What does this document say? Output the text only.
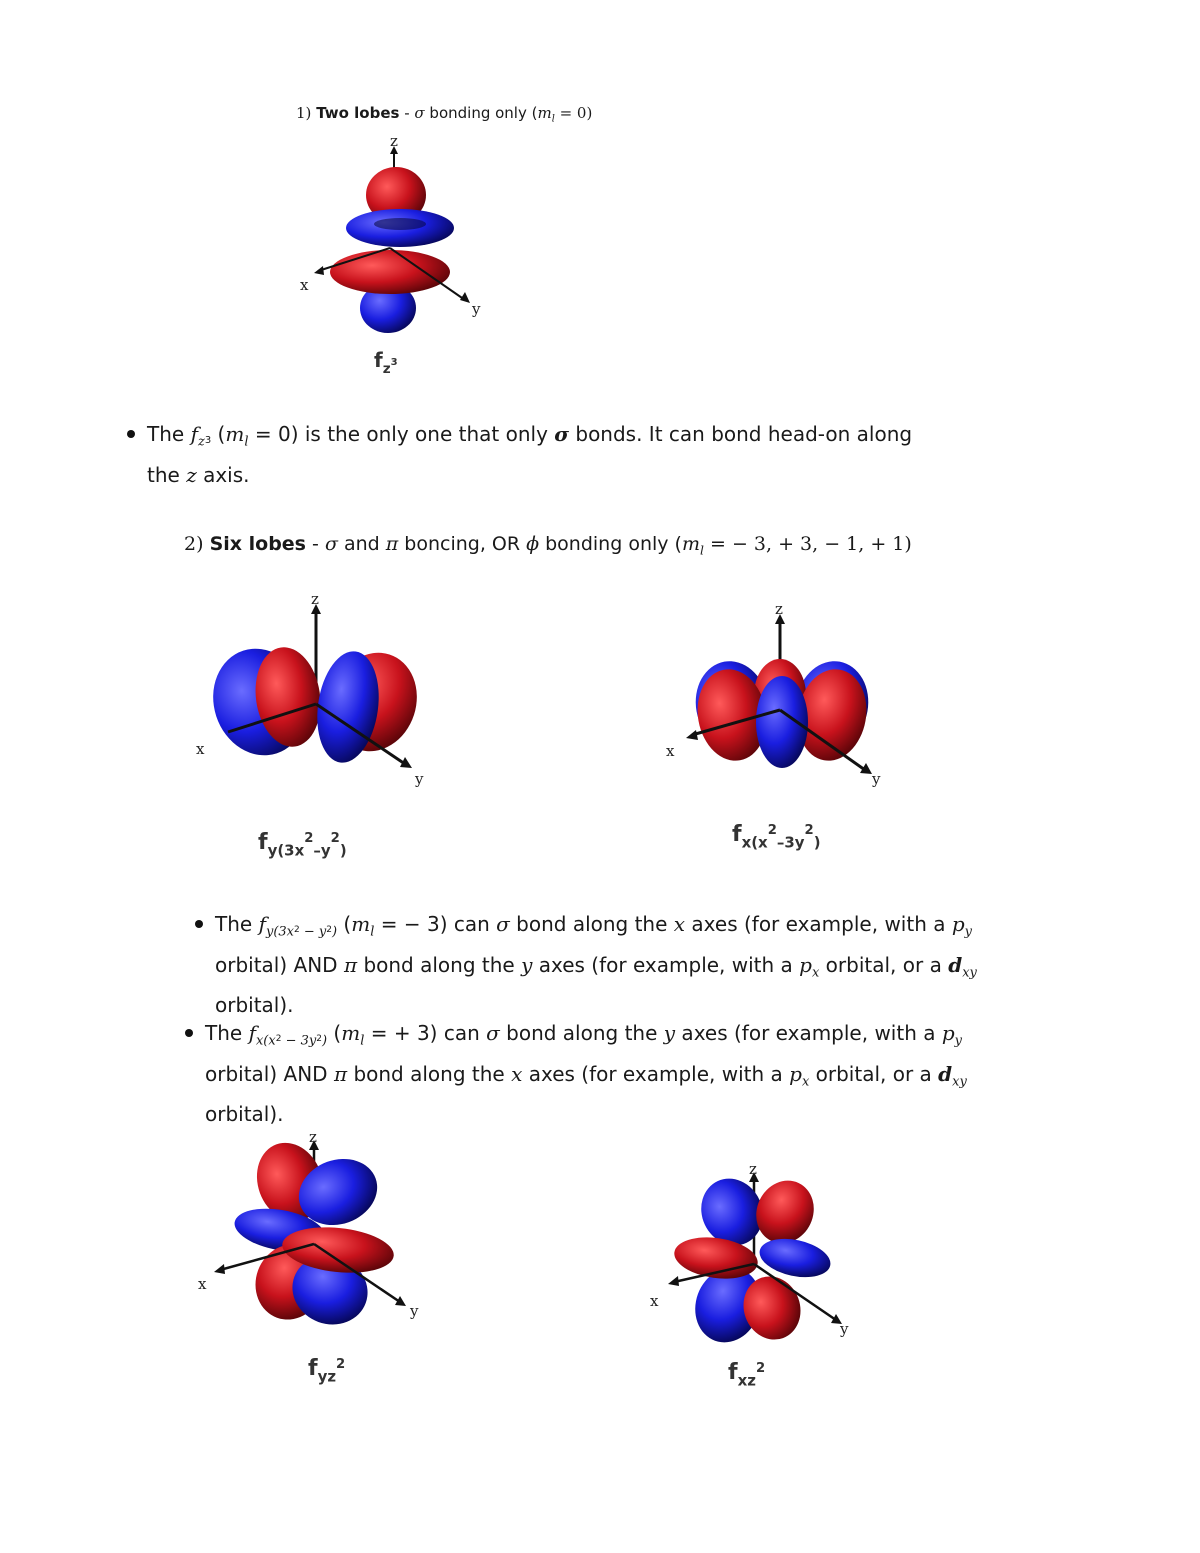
1) Two lobes - σ bonding only $(m_l = 0)$
z
x
y
$f_z^3$
The $f_{z3}$ $(m_l = 0)$ is the only one that only σ bonds. It can bond head-on along
the z axis.
2) Six lobes - σ and π boncing, OR ϕ bonding only ($m_l$ = − 3, + 3, − 1, + 1)
z
x
y
$f_{y(3x}^2_{-y}^2_)$
z
x
y
$f_{x(x}^2_{-3y}^2_)$
The $f_{y(3x}2$ $_{- y}2_)$ ($m_l$ = − 3) can σ bond along the x axes (for example, with a $p_y$
orbital) AND π bond along the y axes (for example, with a $p_x$ orbital, or a $d_{xy}$
orbital).
The $f_{x(x}2$ $_{- 3y}2_)$ ($m_l$ = + 3) can σ bond along the y axes (for example, with a $p_y$
orbital) AND π bond along the x axes (for example, with a $p_x$ orbital, or a $d_{xy}$
orbital).
z
x
y
$f_{yz}^2$
z
x
y
$f_{xz}^2$
